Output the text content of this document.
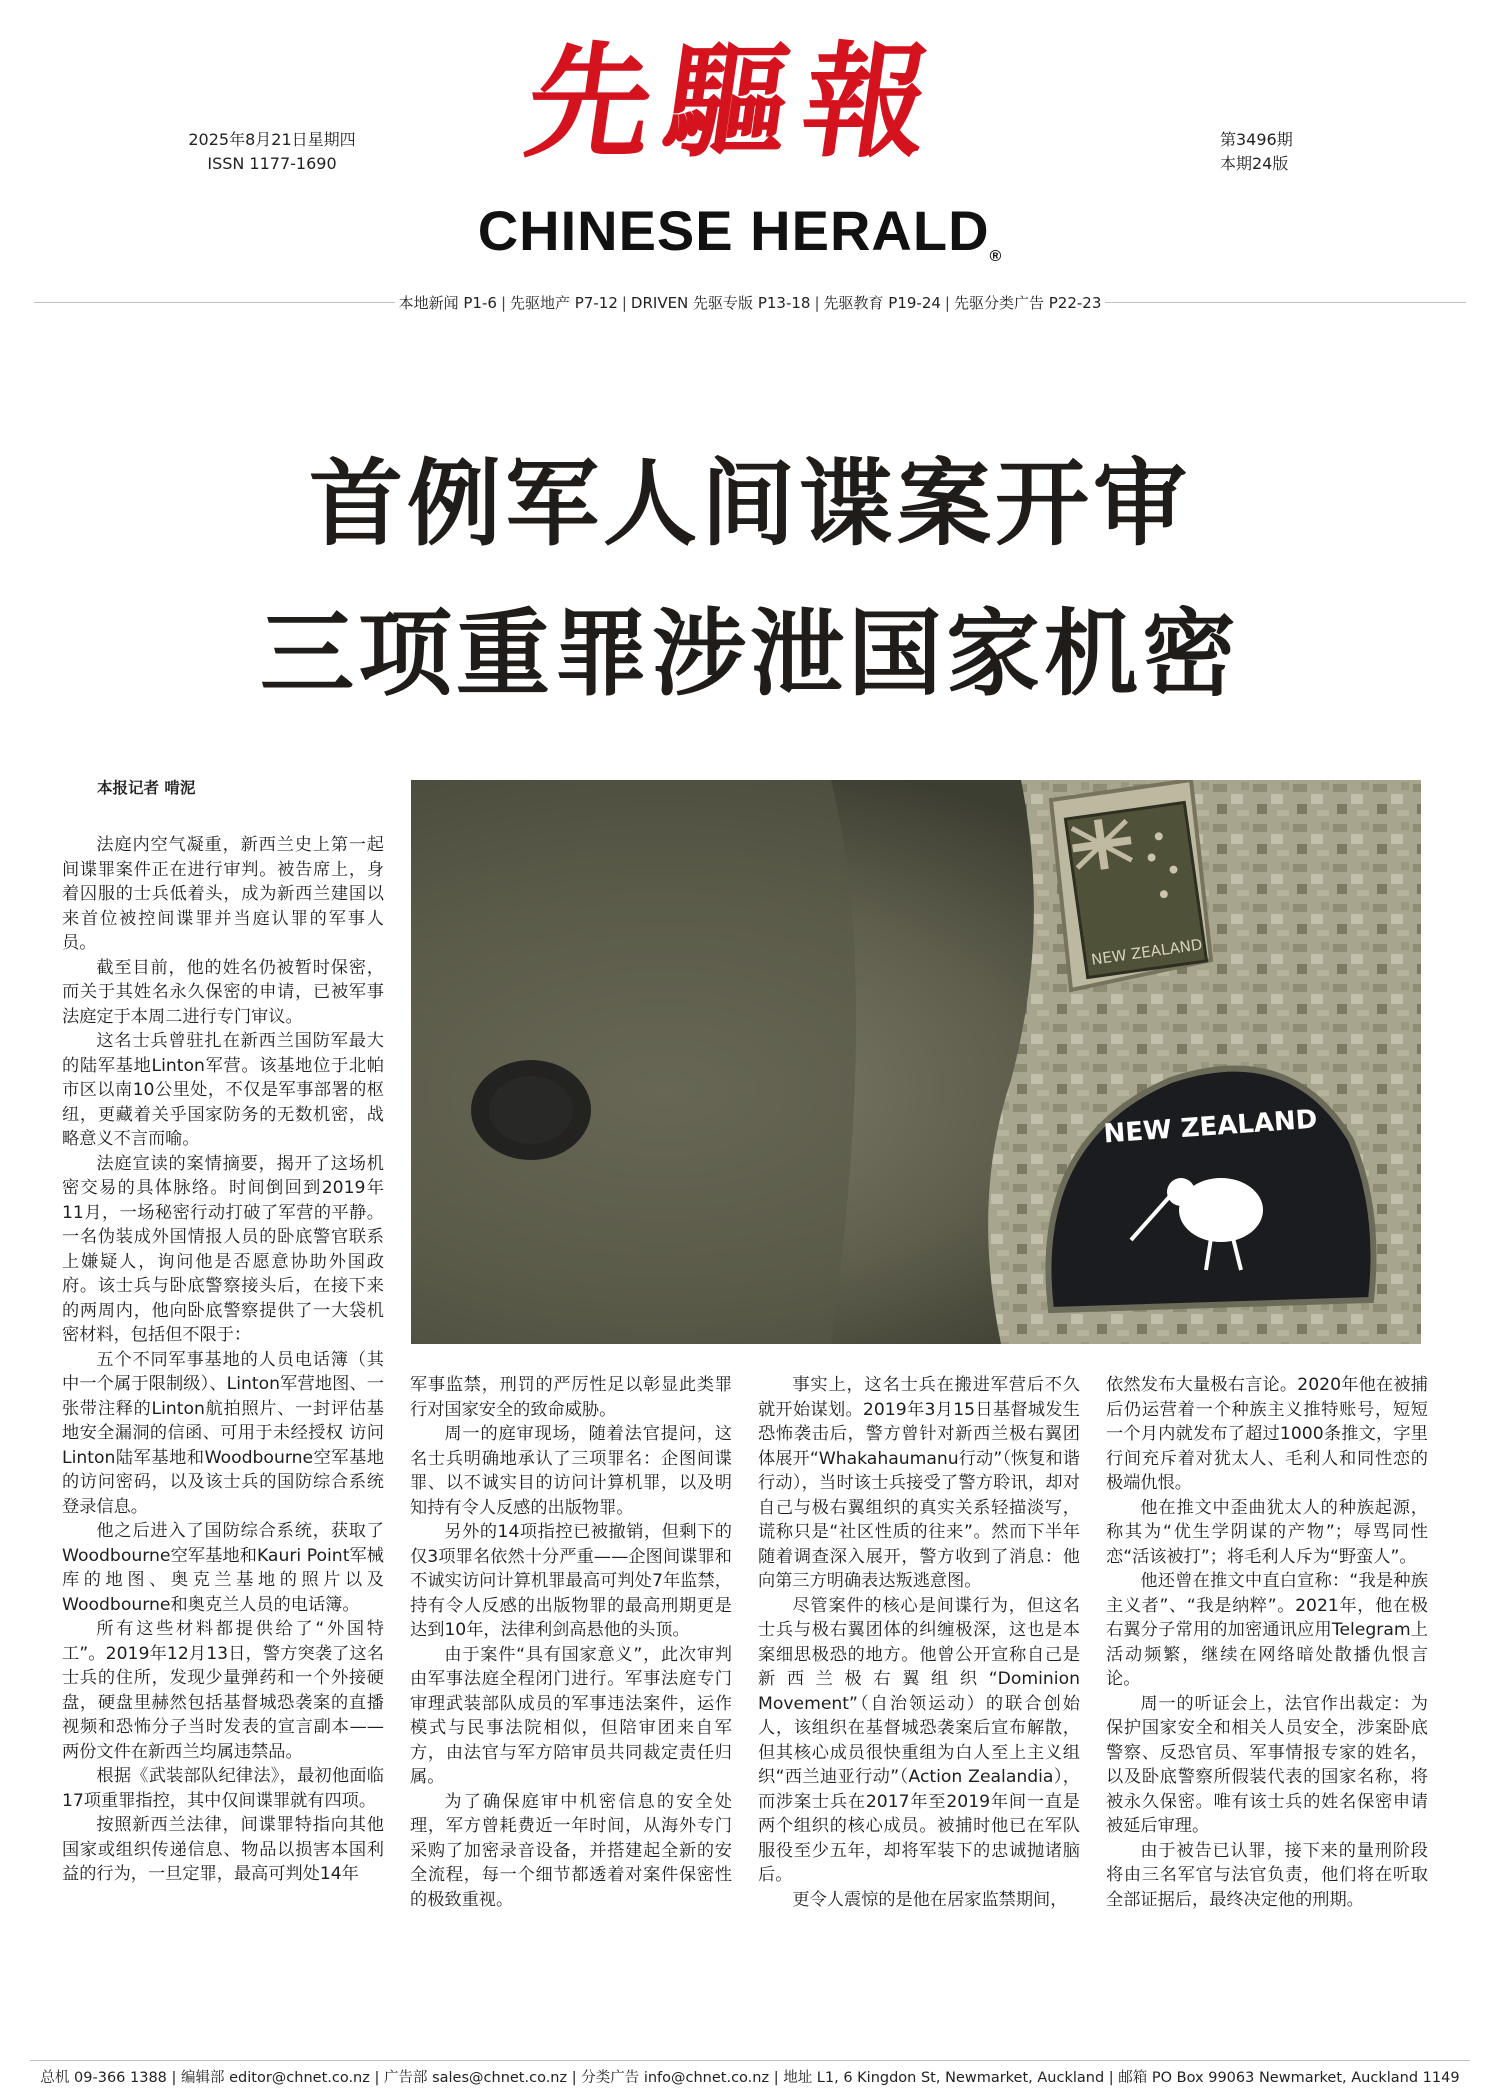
2025年8月21日星期四
ISSN 1177-1690	先驅報
CHINESE HERALD®
第3496期
本期24版
本地新闻 P1-6 | 先驱地产 P7-12 | DRIVEN 先驱专版 P13-18 | 先驱教育 P19-24 | 先驱分类广告 P22-23
首例军人间谍案开审
三项重罪涉泄国家机密
本报记者 啃泥
NEW ZEALAND
NEW ZEALAND

法庭内空气凝重，新西兰史上第一起间谍罪案件正在进行审判。被告席上，身着囚服的士兵低着头，成为新西兰建国以来首位被控间谍罪并当庭认罪的军事人员。

截至目前，他的姓名仍被暂时保密，而关于其姓名永久保密的申请，已被军事法庭定于本周二进行专门审议。

这名士兵曾驻扎在新西兰国防军最大的陆军基地Linton军营。该基地位于北帕市区以南10公里处，不仅是军事部署的枢纽，更藏着关乎国家防务的无数机密，战略意义不言而喻。

法庭宣读的案情摘要，揭开了这场机密交易的具体脉络。时间倒回到2019年11月，一场秘密行动打破了军营的平静。一名伪装成外国情报人员的卧底警官联系上嫌疑人，询问他是否愿意协助外国政府。该士兵与卧底警察接头后，在接下来的两周内，他向卧底警察提供了一大袋机密材料，包括但不限于：

五个不同军事基地的人员电话簿（其中一个属于限制级）、Linton军营地图、一张带注释的Linton航拍照片、一封评估基地安全漏洞的信函、可用于未经授权 访问Linton陆军基地和Woodbourne空军基地的访问密码，以及该士兵的国防综合系统登录信息。

他之后进入了国防综合系统，获取了Woodbourne空军基地和Kauri Point军械库的地图、奥克兰基地的照片以及Woodbourne和奥克兰人员的电话簿。

所有这些材料都提供给了“外国特工”。2019年12月13日，警方突袭了这名士兵的住所，发现少量弹药和一个外接硬盘，硬盘里赫然包括基督城恐袭案的直播视频和恐怖分子当时发表的宣言副本——两份文件在新西兰均属违禁品。

根据《武装部队纪律法》，最初他面临17项重罪指控，其中仅间谍罪就有四项。

按照新西兰法律，间谍罪特指向其他国家或组织传递信息、物品以损害本国利益的行为，一旦定罪，最高可判处14年

军事监禁，刑罚的严厉性足以彰显此类罪行对国家安全的致命威胁。

周一的庭审现场，随着法官提问，这名士兵明确地承认了三项罪名：企图间谍罪、以不诚实目的访问计算机罪，以及明知持有令人反感的出版物罪。

另外的14项指控已被撤销，但剩下的仅3项罪名依然十分严重——企图间谍罪和不诚实访问计算机罪最高可判处7年监禁，持有令人反感的出版物罪的最高刑期更是达到10年，法律利剑高悬他的头顶。

由于案件“具有国家意义”，此次审判由军事法庭全程闭门进行。军事法庭专门审理武装部队成员的军事违法案件，运作模式与民事法院相似，但陪审团来自军方，由法官与军方陪审员共同裁定责任归属。

为了确保庭审中机密信息的安全处理，军方曾耗费近一年时间，从海外专门采购了加密录音设备，并搭建起全新的安全流程，每一个细节都透着对案件保密性的极致重视。

事实上，这名士兵在搬进军营后不久就开始谋划。2019年3月15日基督城发生恐怖袭击后，警方曾针对新西兰极右翼团体展开“Whakahaumanu行动”（恢复和谐行动），当时该士兵接受了警方聆讯，却对自己与极右翼组织的真实关系轻描淡写，谎称只是“社区性质的往来”。然而下半年随着调查深入展开，警方收到了消息：他向第三方明确表达叛逃意图。

尽管案件的核心是间谍行为，但这名士兵与极右翼团体的纠缠极深，这也是本案细思极恐的地方。他曾公开宣称自己是新西兰极右翼组织“Dominion Movement”（自治领运动）的联合创始人，该组织在基督城恐袭案后宣布解散，但其核心成员很快重组为白人至上主义组织“西兰迪亚行动”（Action Zealandia），而涉案士兵在2017年至2019年间一直是两个组织的核心成员。被捕时他已在军队服役至少五年，却将军装下的忠诚抛诸脑后。

更令人震惊的是他在居家监禁期间，

依然发布大量极右言论。2020年他在被捕后仍运营着一个种族主义推特账号，短短一个月内就发布了超过1000条推文，字里行间充斥着对犹太人、毛利人和同性恋的极端仇恨。

他在推文中歪曲犹太人的种族起源，称其为“优生学阴谋的产物”；辱骂同性恋“活该被打”；将毛利人斥为“野蛮人”。

他还曾在推文中直白宣称：“我是种族主义者”、“我是纳粹”。2021年，他在极右翼分子常用的加密通讯应用Telegram上活动频繁，继续在网络暗处散播仇恨言论。

周一的听证会上，法官作出裁定：为保护国家安全和相关人员安全，涉案卧底警察、反恐官员、军事情报专家的姓名，以及卧底警察所假装代表的国家名称，将被永久保密。唯有该士兵的姓名保密申请被延后审理。

由于被告已认罪，接下来的量刑阶段将由三名军官与法官负责，他们将在听取全部证据后，最终决定他的刑期。

总机 09-366 1388 | 编辑部 editor@chnet.co.nz | 广告部 sales@chnet.co.nz | 分类广告 info@chnet.co.nz | 地址 L1, 6 Kingdon St, Newmarket, Auckland | 邮箱 PO Box 99063 Newmarket, Auckland 1149
